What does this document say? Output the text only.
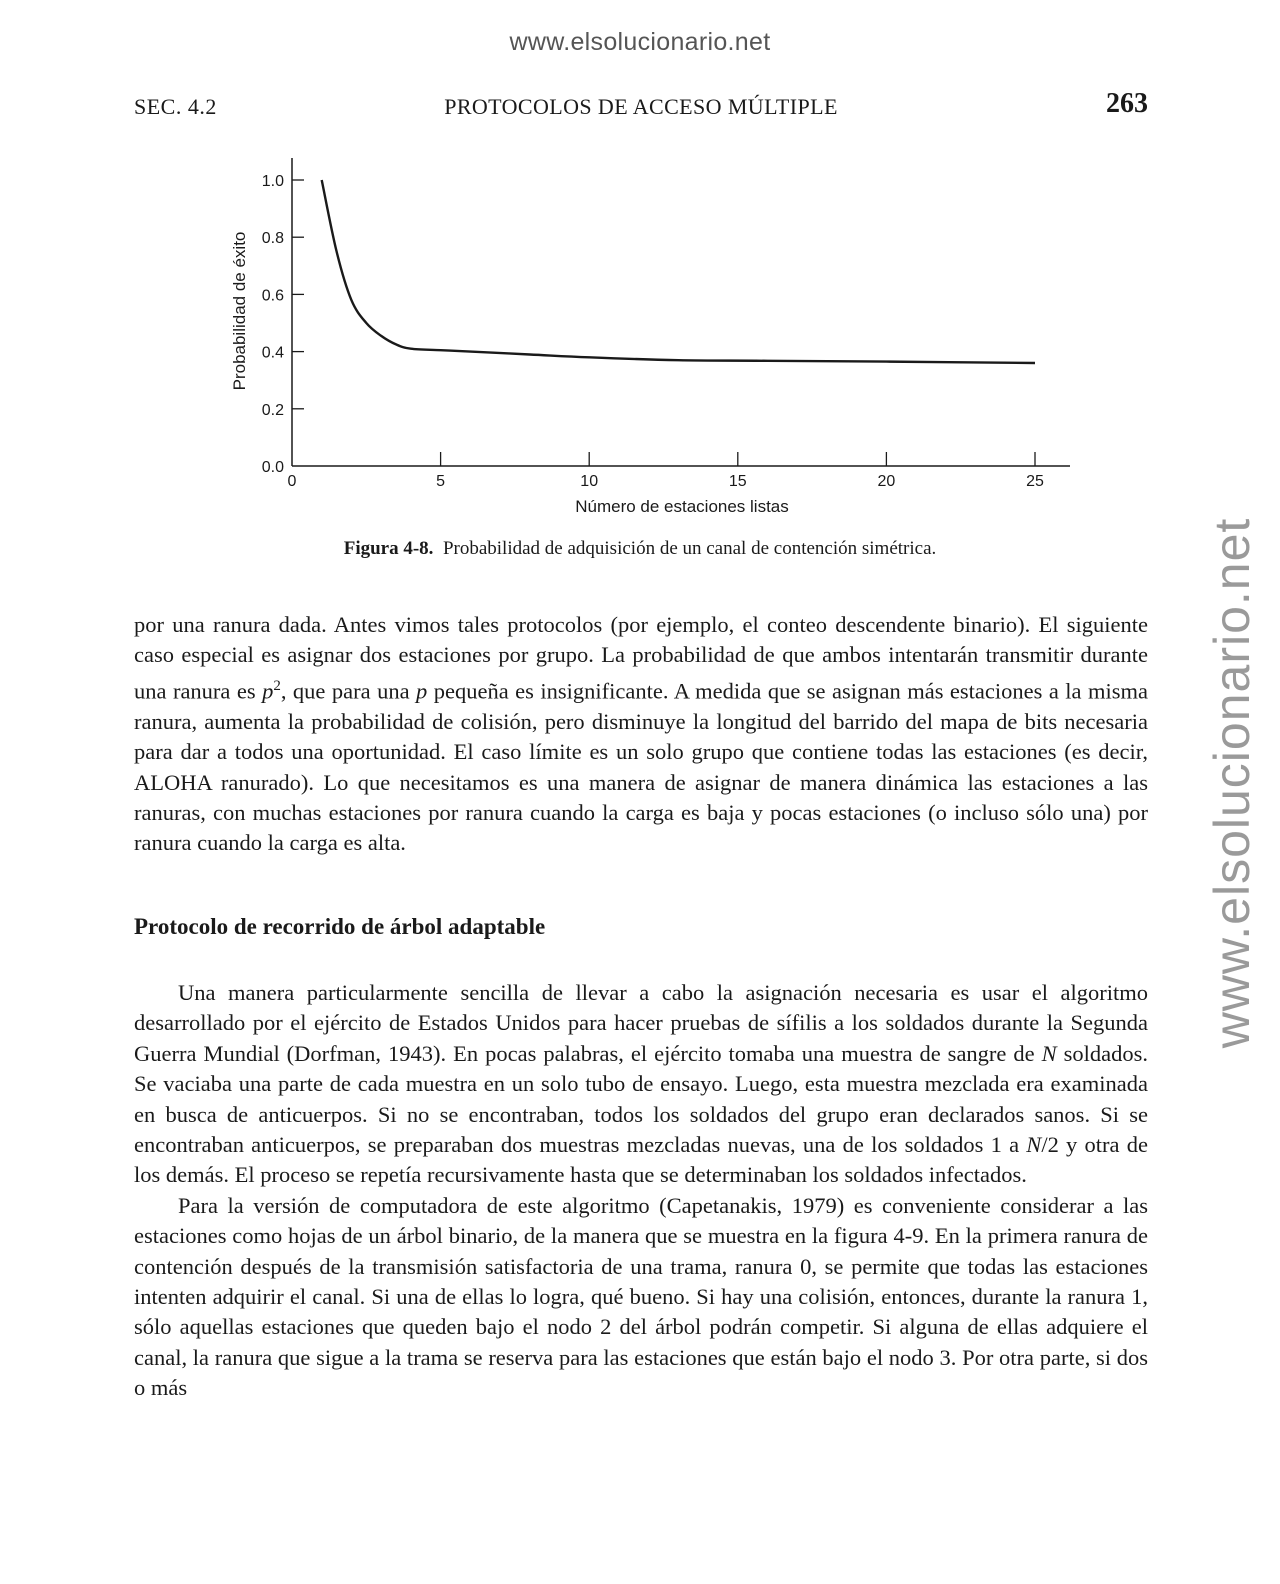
www.elsolucionario.net
www.elsolucionario.net
SEC. 4.2	PROTOCOLOS DE ACCESO MÚLTIPLE	263
0.0
0.2
0.4
0.6
0.8
1.0
0	5	10	15	20	25
Probabilidad de éxito
Número de estaciones listas
Figura 4-8. Probabilidad de adquisición de un canal de contención simétrica.

por una ranura dada. Antes vimos tales protocolos (por ejemplo, el conteo descendente binario). El siguiente caso especial es asignar dos estaciones por grupo. La probabilidad de que ambos intentarán transmitir durante una ranura es $p^2$, que para una p pequeña es insignificante. A medida que se asignan más estaciones a la misma ranura, aumenta la probabilidad de colisión, pero disminuye la longitud del barrido del mapa de bits necesaria para dar a todos una oportunidad. El caso límite es un solo grupo que contiene todas las estaciones (es decir, ALOHA ranurado). Lo que necesitamos es una manera de asignar de manera dinámica las estaciones a las ranuras, con muchas estaciones por ranura cuando la carga es baja y pocas estaciones (o incluso sólo una) por ranura cuando la carga es alta.

Protocolo de recorrido de árbol adaptable

Una manera particularmente sencilla de llevar a cabo la asignación necesaria es usar el algoritmo desarrollado por el ejército de Estados Unidos para hacer pruebas de sífilis a los soldados durante la Segunda Guerra Mundial (Dorfman, 1943). En pocas palabras, el ejército tomaba una muestra de sangre de N soldados. Se vaciaba una parte de cada muestra en un solo tubo de ensayo. Luego, esta muestra mezclada era examinada en busca de anticuerpos. Si no se encontraban, todos los soldados del grupo eran declarados sanos. Si se encontraban anticuerpos, se preparaban dos muestras mezcladas nuevas, una de los soldados 1 a N/2 y otra de los demás. El proceso se repetía recursivamente hasta que se determinaban los soldados infectados.

Para la versión de computadora de este algoritmo (Capetanakis, 1979) es conveniente considerar a las estaciones como hojas de un árbol binario, de la manera que se muestra en la figura 4-9. En la primera ranura de contención después de la transmisión satisfactoria de una trama, ranura 0, se permite que todas las estaciones intenten adquirir el canal. Si una de ellas lo logra, qué bueno. Si hay una colisión, entonces, durante la ranura 1, sólo aquellas estaciones que queden bajo el nodo 2 del árbol podrán competir. Si alguna de ellas adquiere el canal, la ranura que sigue a la trama se reserva para las estaciones que están bajo el nodo 3. Por otra parte, si dos o más
